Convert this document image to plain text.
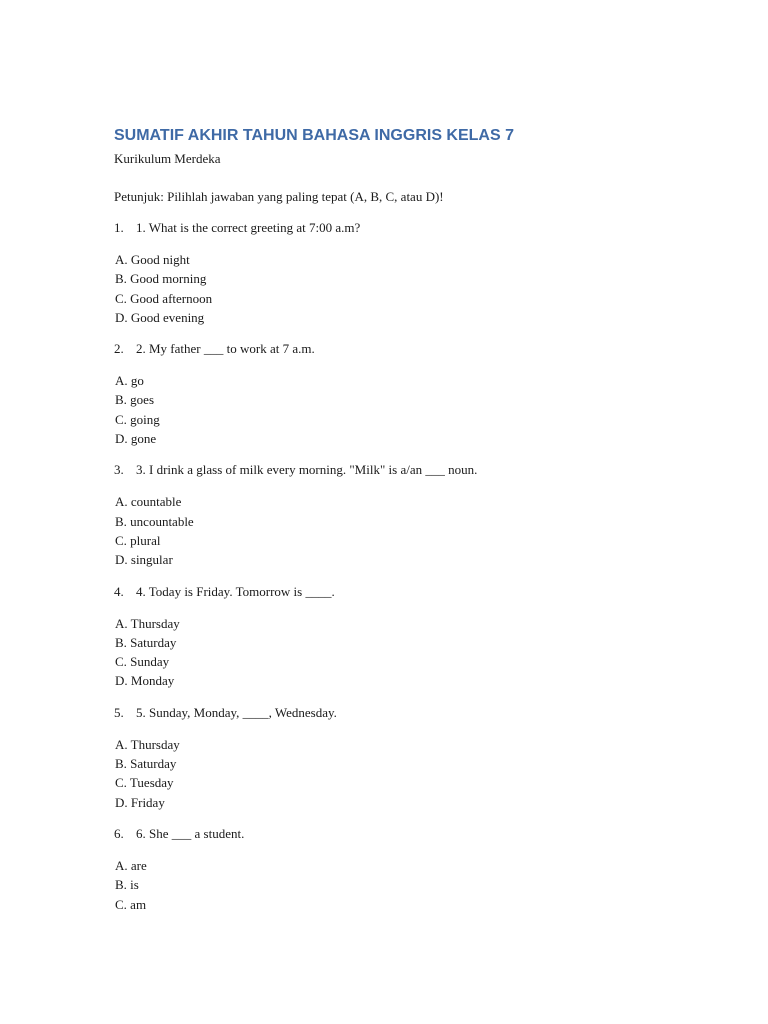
SUMATIF AKHIR TAHUN BAHASA INGGRIS KELAS 7

Kurikulum Merdeka

Petunjuk: Pilihlah jawaban yang paling tepat (A, B, C, atau D)!

1. 1. What is the correct greeting at 7:00 a.m?
A. Good night
B. Good morning
C. Good afternoon
D. Good evening
2. 2. My father ___ to work at 7 a.m.
A. go
B. goes
C. going
D. gone
3. 3. I drink a glass of milk every morning. "Milk" is a/an ___ noun.
A. countable
B. uncountable
C. plural
D. singular
4. 4. Today is Friday. Tomorrow is ____.
A. Thursday
B. Saturday
C. Sunday
D. Monday
5. 5. Sunday, Monday, ____, Wednesday.
A. Thursday
B. Saturday
C. Tuesday
D. Friday
6. 6. She ___ a student.
A. are
B. is
C. am
